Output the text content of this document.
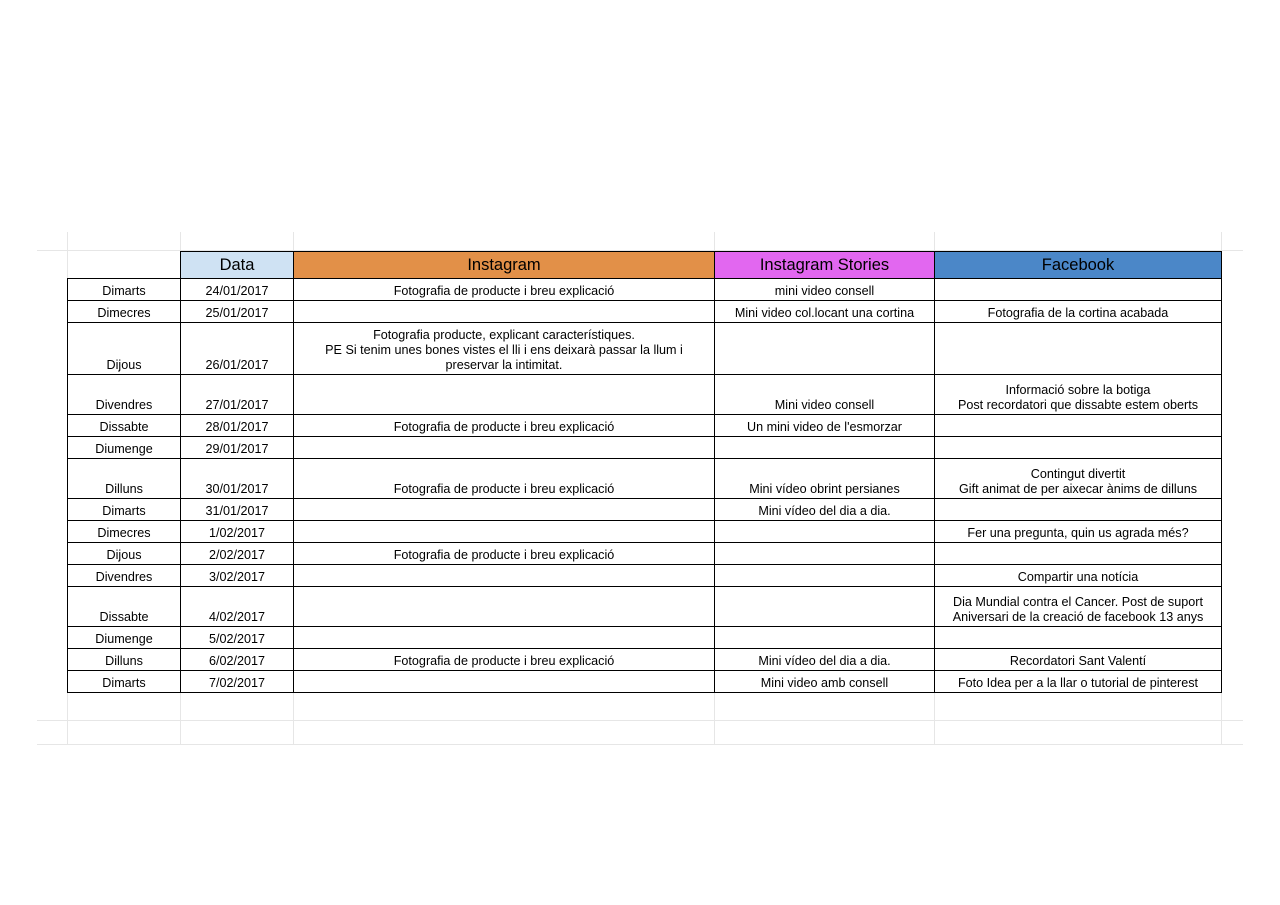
	Data	Instagram	Instagram Stories	Facebook
Dimarts	24/01/2017	Fotografia de producte i breu explicació	mini video consell	

Dimecres	25/01/2017		Mini video col.locant una cortina	Fotografia de la cortina acabada

Dijous	26/01/2017	Fotografia producte, explicant característiques.
PE Si tenim unes bones vistes el lli i ens deixarà passar la llum i
preservar la intimitat.		

Divendres	27/01/2017		Mini video consell	Informació sobre la botiga
Post recordatori que dissabte estem oberts

Dissabte	28/01/2017	Fotografia de producte i breu explicació	Un mini video de l'esmorzar	

Diumenge	29/01/2017			
Dilluns	30/01/2017	Fotografia de producte i breu explicació	Mini vídeo obrint persianes	Contingut divertit
Gift animat de per aixecar ànims de dilluns

Dimarts	31/01/2017		Mini vídeo del dia a dia.	

Dimecres	1/02/2017			Fer una pregunta, quin us agrada més?

Dijous	2/02/2017	Fotografia de producte i breu explicació		

Divendres	3/02/2017			Compartir una notícia

Dissabte	4/02/2017			Dia Mundial contra el Cancer. Post de suport
Aniversari de la creació de facebook 13 anys

Diumenge	5/02/2017			
Dilluns	6/02/2017	Fotografia de producte i breu explicació	Mini vídeo del dia a dia.	Recordatori Sant Valentí

Dimarts	7/02/2017		Mini video amb consell	Foto Idea per a la llar o tutorial de pinterest
